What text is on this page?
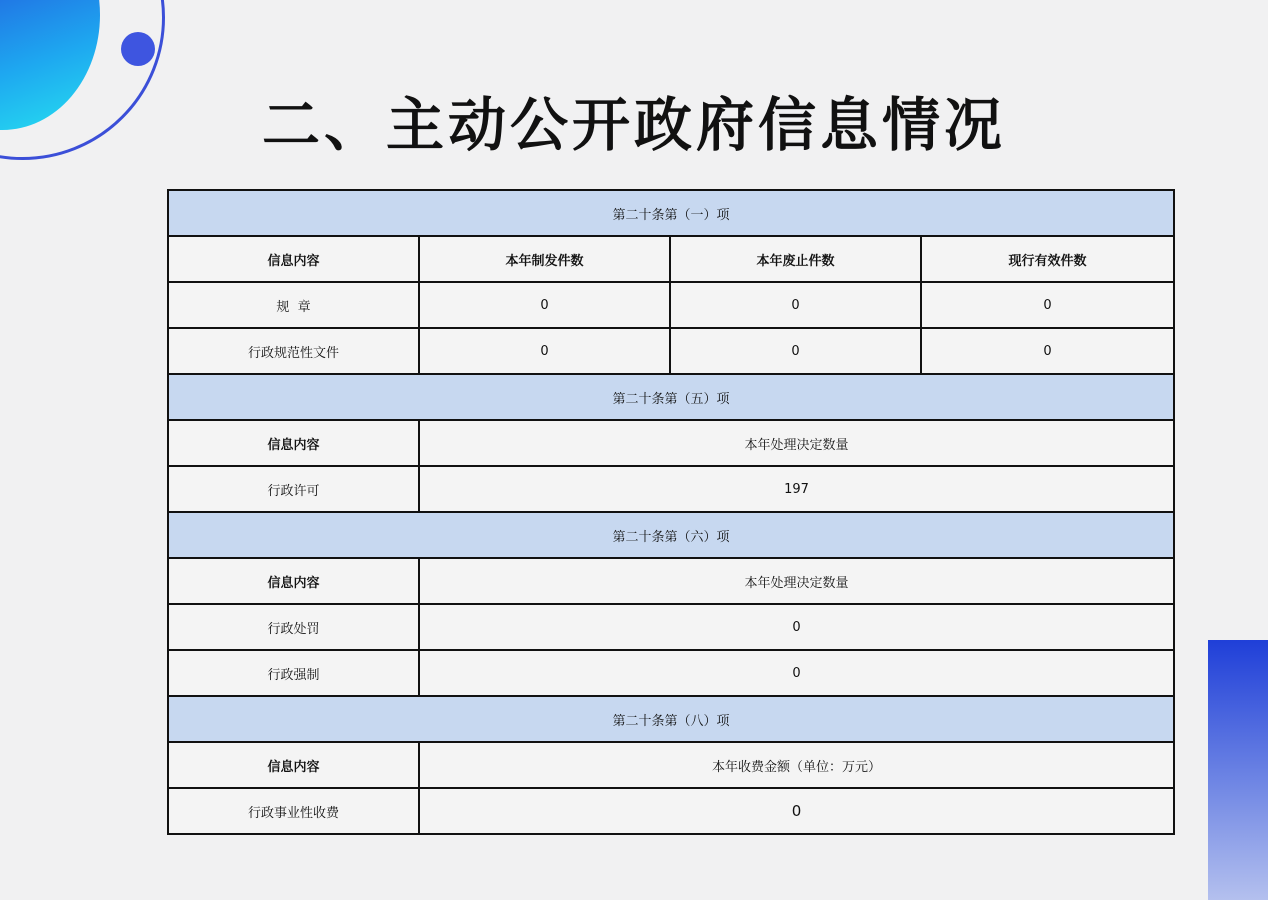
二、主动公开政府信息情况
第二十条第（一）项			
信息内容	本年制发件数	本年废止件数	现行有效件数
规  章	0	0	0
行政规范性文件	0	0	0
第二十条第（五）项			
信息内容	本年处理决定数量		
行政许可	197		
第二十条第（六）项			
信息内容	本年处理决定数量		
行政处罚	0		
行政强制	0		
第二十条第（八）项			
信息内容	本年收费金额（单位：万元）		
行政事业性收费	0		
